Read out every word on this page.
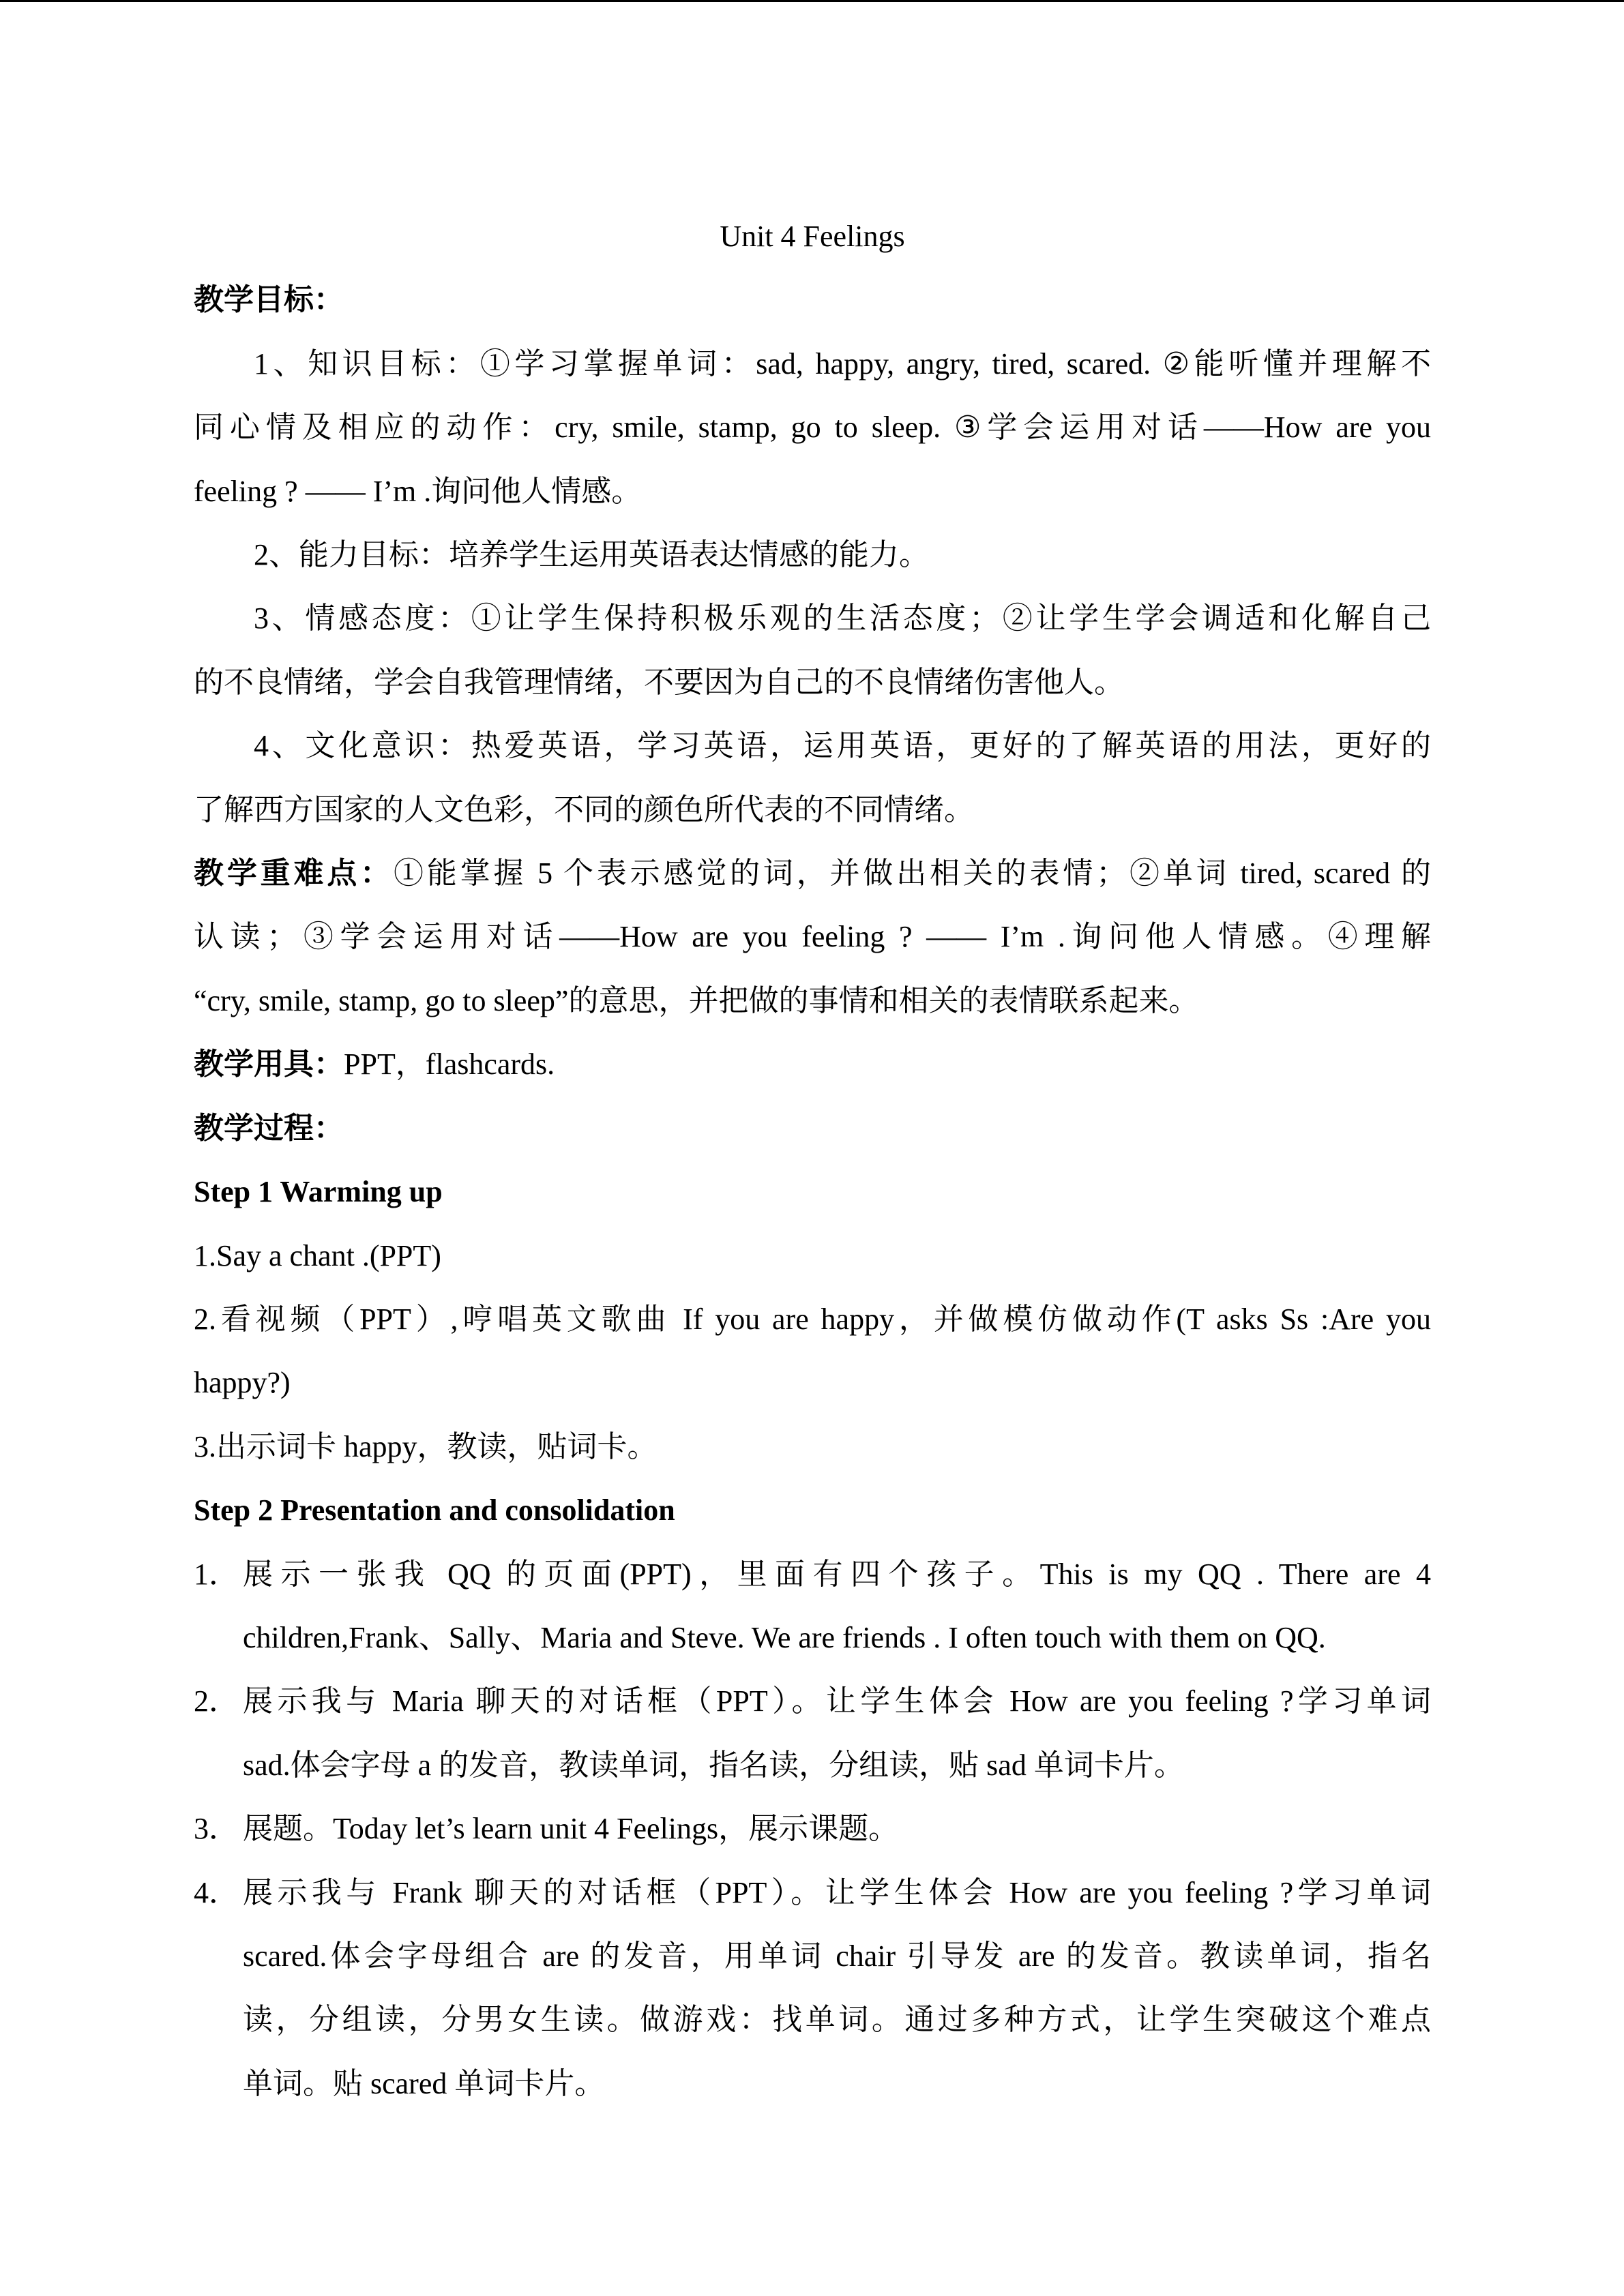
Unit 4 Feelings

教学目标：

1、知识目标：①学习掌握单词：sad, happy, angry, tired, scared. ②能听懂并理解不

同心情及相应的动作：cry, smile, stamp, go to sleep. ③学会运用对话——How are you

feeling ? —— I’m .询问他人情感。

2、能力目标：培养学生运用英语表达情感的能力。

3、情感态度：①让学生保持积极乐观的生活态度；②让学生学会调适和化解自己

的不良情绪，学会自我管理情绪，不要因为自己的不良情绪伤害他人。

4、文化意识：热爱英语，学习英语，运用英语，更好的了解英语的用法，更好的

了解西方国家的人文色彩，不同的颜色所代表的不同情绪。

教学重难点：①能掌握 5 个表示感觉的词，并做出相关的表情；②单词 tired, scared 的

认读；③学会运用对话——How are you feeling ? —— I’m .询问他人情感。④理解

“cry, smile, stamp, go to sleep”的意思，并把做的事情和相关的表情联系起来。

教学用具：PPT，flashcards.

教学过程：

Step 1 Warming up

1.Say a chant .(PPT)

2.看视频（PPT）,哼唱英文歌曲 If you are happy，并做模仿做动作(T asks Ss :Are you

happy?)

3.出示词卡 happy，教读，贴词卡。

Step 2 Presentation and consolidation

1． 展示一张我 QQ 的页面(PPT)，里面有四个孩子。This is my QQ . There are 4

children,Frank、Sally、Maria and Steve. We are friends . I often touch with them on QQ.

2． 展示我与 Maria 聊天的对话框（PPT）。让学生体会 How are you feeling ?学习单词

sad.体会字母 a 的发音，教读单词，指名读，分组读，贴 sad 单词卡片。

3． 展题。Today let’s learn unit 4 Feelings，展示课题。

4． 展示我与 Frank 聊天的对话框（PPT）。让学生体会 How are you feeling ?学习单词

scared.体会字母组合 are 的发音，用单词 chair 引导发 are 的发音。教读单词，指名

读，分组读，分男女生读。做游戏：找单词。通过多种方式，让学生突破这个难点

单词。贴 scared 单词卡片。
